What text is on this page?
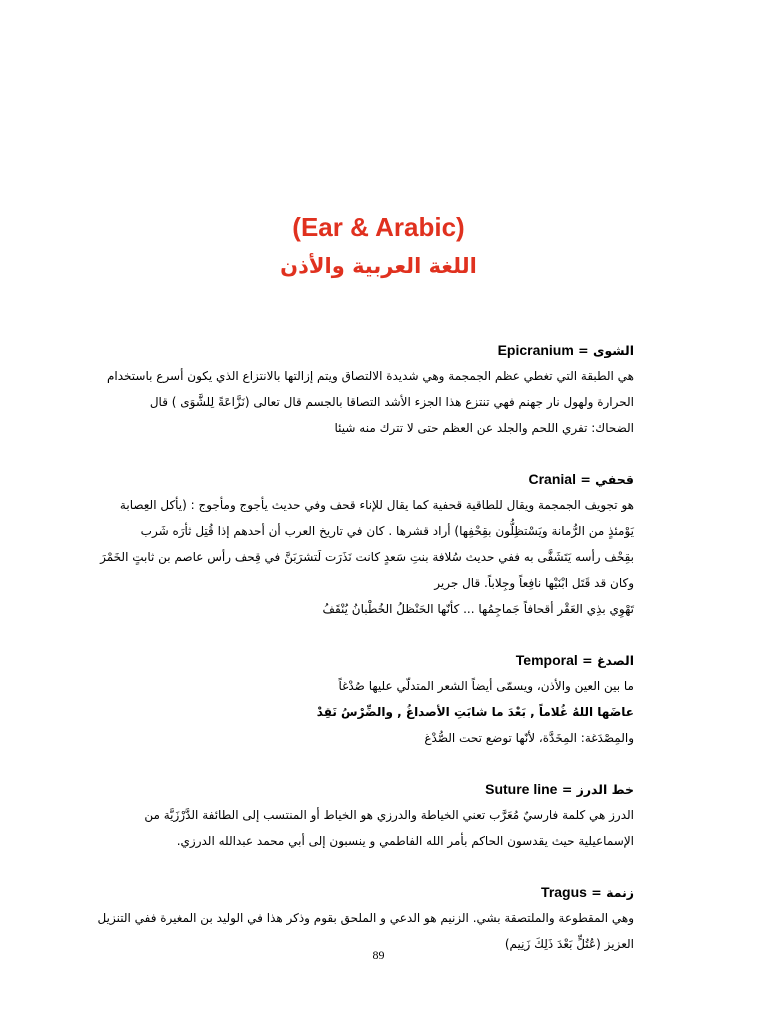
(Ear & Arabic)
اللغة العربية والأذن
الشوى = Epicranium
هي الطبقة التي تغطي عظم الجمجمة وهي شديدة الالتصاق ويتم إزالتها بالانتزاع الذي يكون أسرع باستخدام
الحرارة ولهول نار جهنم فهي تنتزع هذا الجزء الأشد التصاقا بالجسم قال تعالى (نَزَّاعَةً لِلشَّوَى ) قال
الضحاك: تفري اللحم والجلد عن العظم حتى لا تترك منه شيئا
قحفي = Cranial
هو تجويف الجمجمة ويقال للطاقية قحفية كما يقال للإناء قحف وفي حديث يأجوج ومأجوج : (يأكل العِصابة
يَوْمئذٍ من الرُّمانة ويَسْتظِلُّون بقِحْفِها) أراد قشرها . كان في تاريخ العرب أن أحدهم إذا قُتِل ثأرَه شَرب
بقِحْف رأسه يَتَشَفَّى به ففي حديث سُلافة بنتِ سَعدٍ كانت نَذَرَت لَتشرَبَنَّ في قِحف رأس عاصم بن ثابتٍ الخَمْرَ
وكان قد قَتَل ابْنَيْها نافِعاً وجِلاباً. قال جرير
تَهْوِي بذِي العَقْر أقحافاً جَماجِمُها ... كأنّها الحَنْظلُ الخُطْبانُ يُنْقَفُ
الصدغ = Temporal
ما بين العين والأذن، ويسمّى أيضاً الشعر المتدلّي عليها صُدْغاً
عاضَها اللهُ غُلاماً , بَعْدَ ما شابَتِ الأصداغُ , والضِّرْسُ نَقِدْ
والمِصْدَغة: المِخَدَّة، لأنّها توضع تحت الصُّدْغ
خط الدرز = Suture line
الدرز هي كلمة فارسيٌ مُعَرَّب تعني الخياطة والدرزي هو الخياط أو المنتسب إلى الطائفة الدَّرْزَيَّة من
الإسماعيلية حيث يقدسون الحاكم بأمر الله الفاطمي و ينسبون إلى أبي محمد عبدالله الدرزي.
زنمة = Tragus
وهي المقطوعة والملتصقة بشي. الزنيم هو الدعي و الملحق بقوم وذكر هذا في الوليد بن المغيرة ففي التنزيل
العزيز (عُتُلٍّ بَعْدَ ذَلِكَ زَنِيم)
89
